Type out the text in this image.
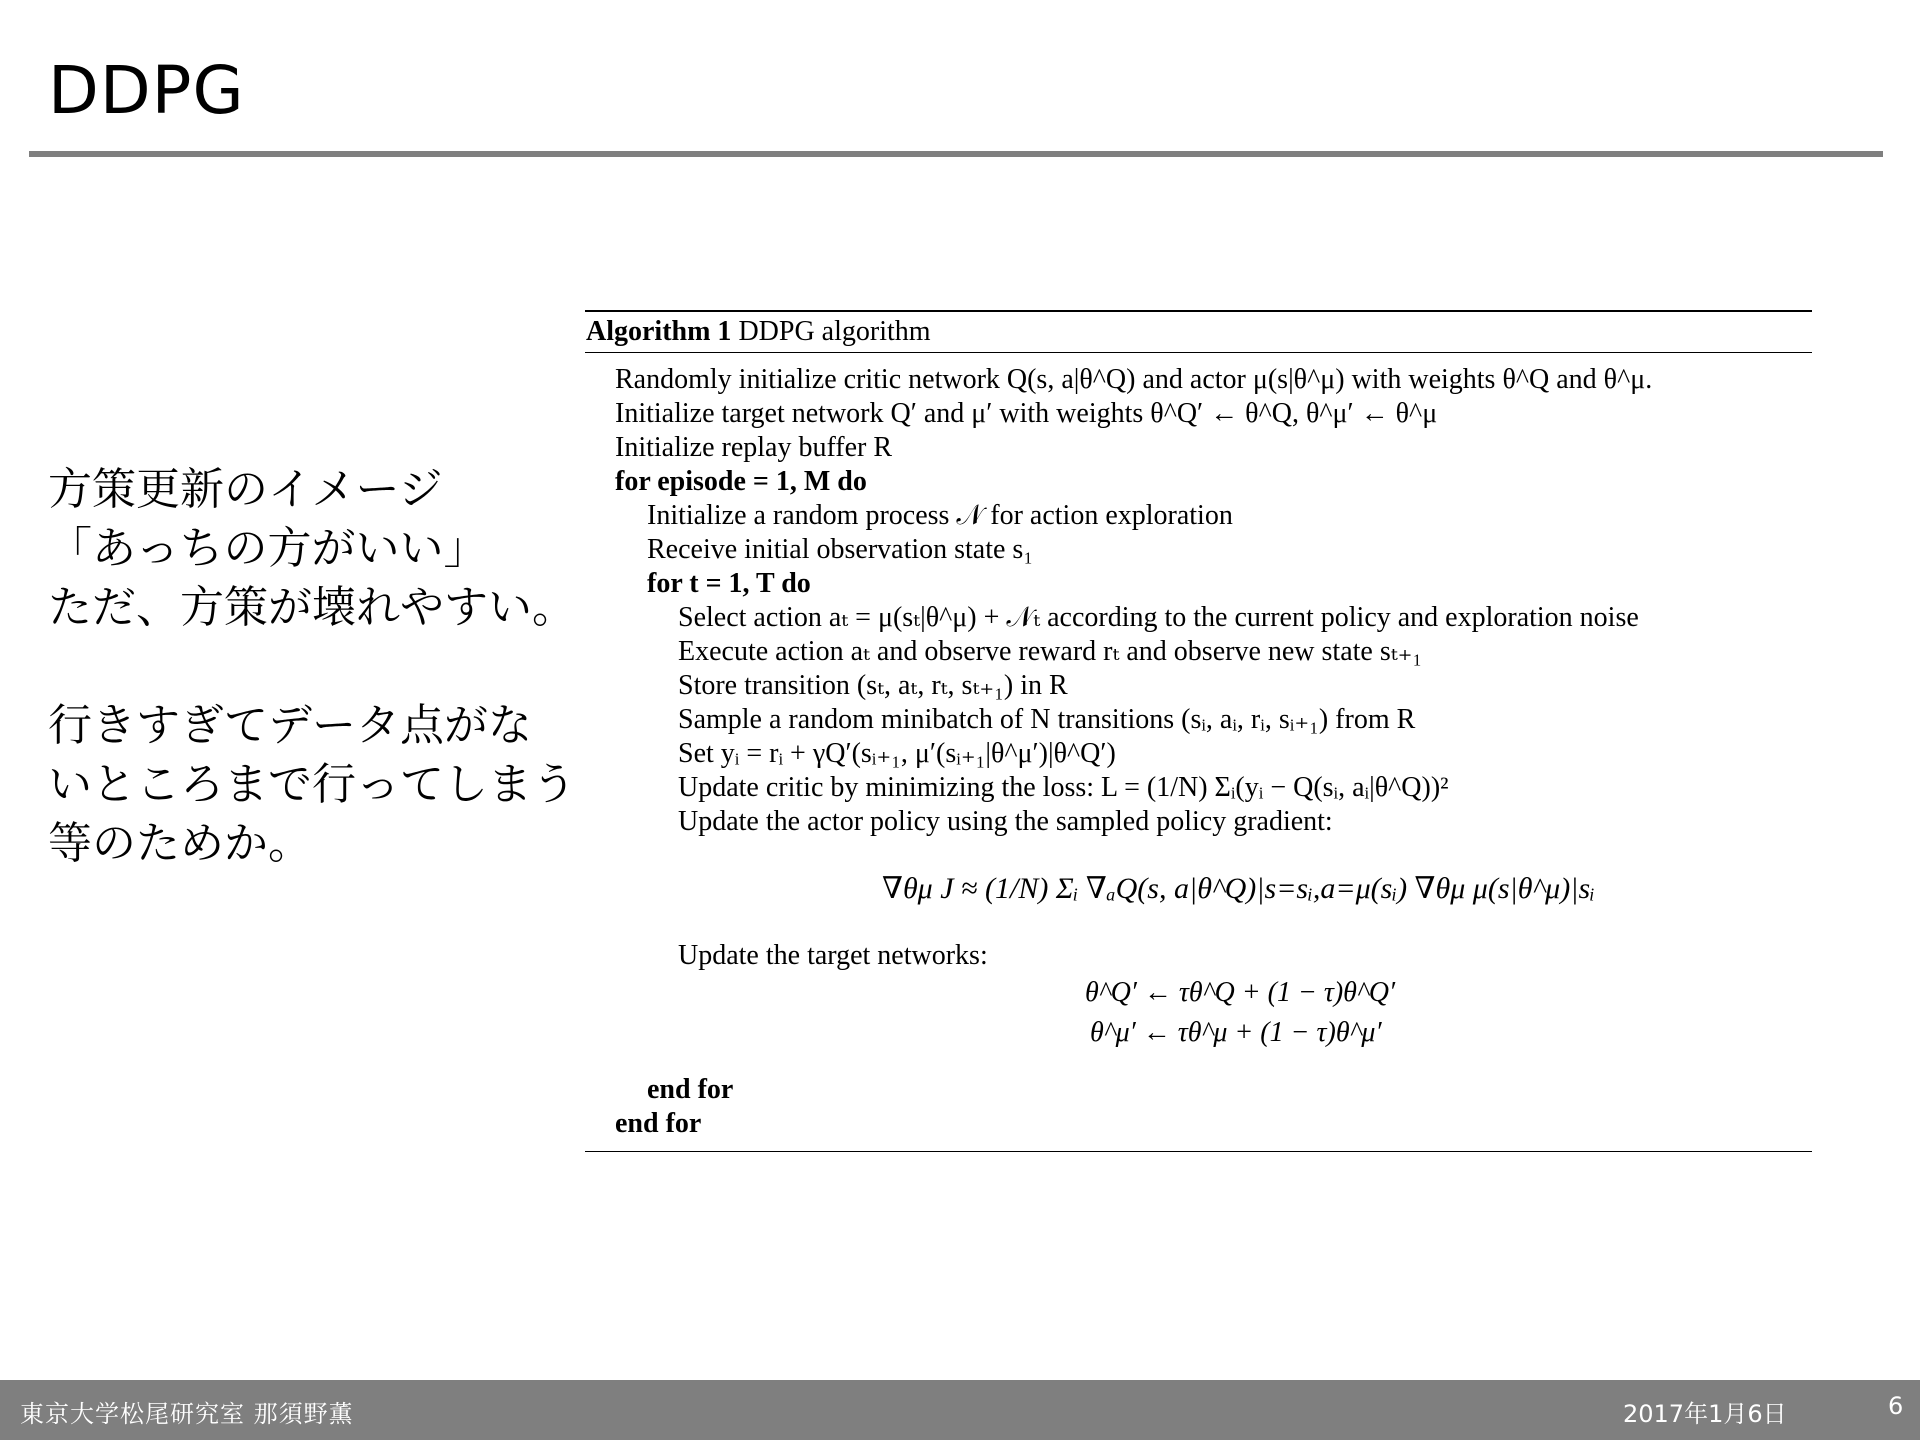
DDPG
方策更新のイメージ
「あっちの方がいい」
ただ、方策が壊れやすい。
行きすぎてデータ点がな
いところまで行ってしまう
等のためか。
Algorithm 1 DDPG algorithm
Randomly initialize critic network Q(s, a|θ^Q) and actor μ(s|θ^μ) with weights θ^Q and θ^μ.
Initialize target network Q′ and μ′ with weights θ^Q′ ← θ^Q, θ^μ′ ← θ^μ
Initialize replay buffer R
for episode = 1, M do
Initialize a random process 𝒩 for action exploration
Receive initial observation state s₁
for t = 1, T do
Select action aₜ = μ(sₜ|θ^μ) + 𝒩ₜ according to the current policy and exploration noise
Execute action aₜ and observe reward rₜ and observe new state sₜ₊₁
Store transition (sₜ, aₜ, rₜ, sₜ₊₁) in R
Sample a random minibatch of N transitions (sᵢ, aᵢ, rᵢ, sᵢ₊₁) from R
Set yᵢ = rᵢ + γQ′(sᵢ₊₁, μ′(sᵢ₊₁|θ^μ′)|θ^Q′)
Update critic by minimizing the loss: L = (1/N) Σᵢ(yᵢ − Q(sᵢ, aᵢ|θ^Q))²
Update the actor policy using the sampled policy gradient:
∇θμ J ≈ (1/N) Σᵢ ∇ₐQ(s, a|θ^Q)|s=sᵢ,a=μ(sᵢ) ∇θμ μ(s|θ^μ)|sᵢ
Update the target networks:
θ^Q′ ← τθ^Q + (1 − τ)θ^Q′
θ^μ′ ← τθ^μ + (1 − τ)θ^μ′
end for
end for
東京大学松尾研究室 那須野薫	2017年1月6日	6
